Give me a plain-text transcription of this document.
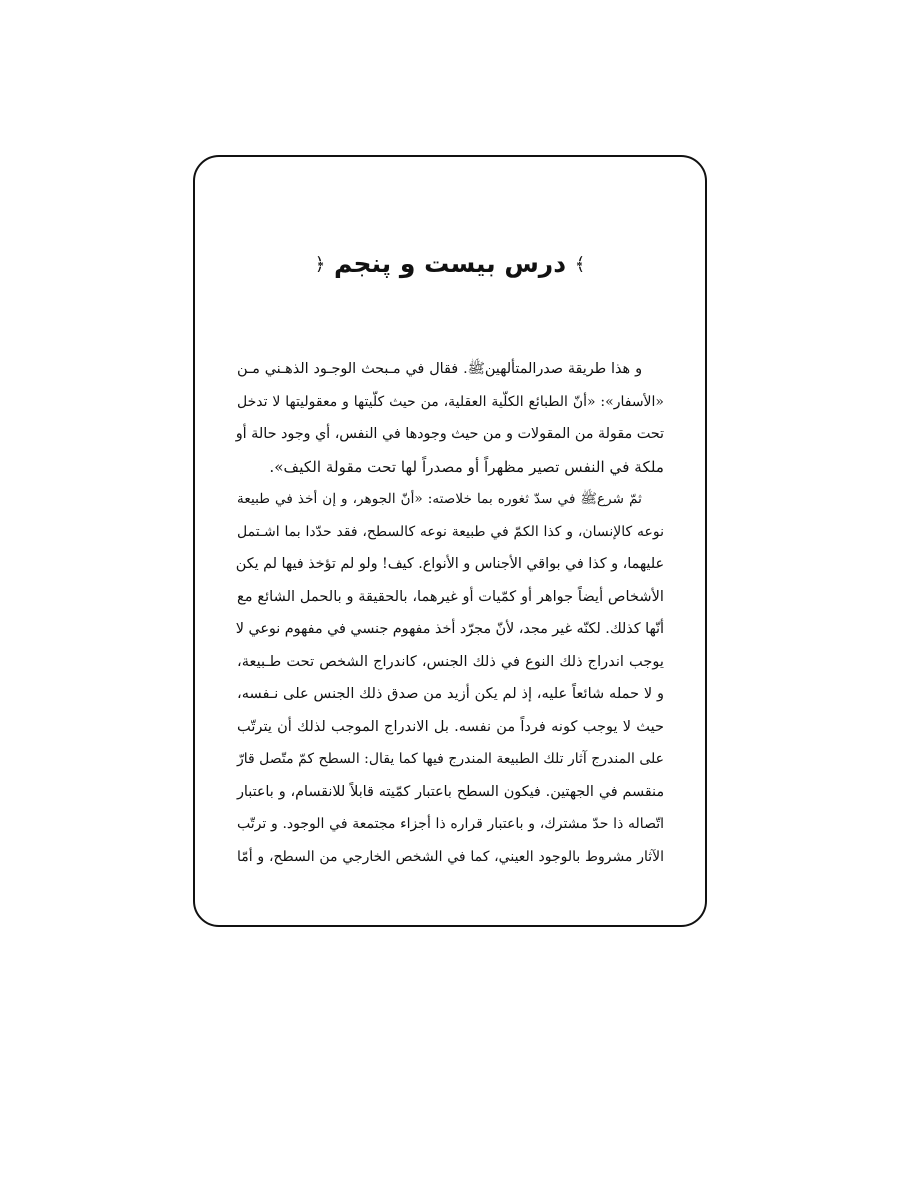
﴾ درس بیست و پنجم ﴿
و هذا طريقة صدرالمتألهين‌ﷺ. فقال في مـبحث الوجـود الذهـني مـن
«الأسفار»: «أنّ الطبائع الكلّية العقلية، من حيث كلّيتها و معقوليتها لا تدخل
تحت مقولة من المقولات و من حيث وجودها في النفس، أي وجود حالة أو
ملكة في النفس تصير مظهراً أو مصدراً لها تحت مقولة الكيف».
ثمّ شرع‌ﷺ في سدّ ثغوره بما خلاصته: «أنّ الجوهر، و إن أخذ في طبيعة
نوعه كالإنسان، و كذا الكمّ في طبيعة نوعه كالسطح، فقد حدّدا بما اشـتمل
عليهما، و كذا في بواقي الأجناس و الأنواع. كيف! ولو لم تؤخذ فيها لم يكن
الأشخاص أيضاً جواهر أو كمّيات أو غيرهما، بالحقيقة و بالحمل الشائع مع
أنّها كذلك. لكنّه غير مجد، لأنّ مجرّد أخذ مفهوم جنسي في مفهوم نوعي لا
يوجب اندراج ذلك النوع في ذلك الجنس، كاندراج الشخص تحت طـبيعة،
و لا حمله شائعاً عليه، إذ لم يكن أزيد من صدق ذلك الجنس على نـفسه،
حيث لا يوجب كونه فرداً من نفسه. بل الاندراج الموجب لذلك أن يترتّب
على المندرج آثار تلك الطبيعة المندرج فيها كما يقال: السطح كمّ متّصل قارّ
منقسم في الجهتين. فيكون السطح باعتبار كمّيته قابلاً للانقسام، و باعتبار
اتّصاله ذا حدّ مشترك، و باعتبار قراره ذا أجزاء مجتمعة في الوجود. و ترتّب
الآثار مشروط بالوجود العيني، كما في الشخص الخارجي من السطح، و أمّا
